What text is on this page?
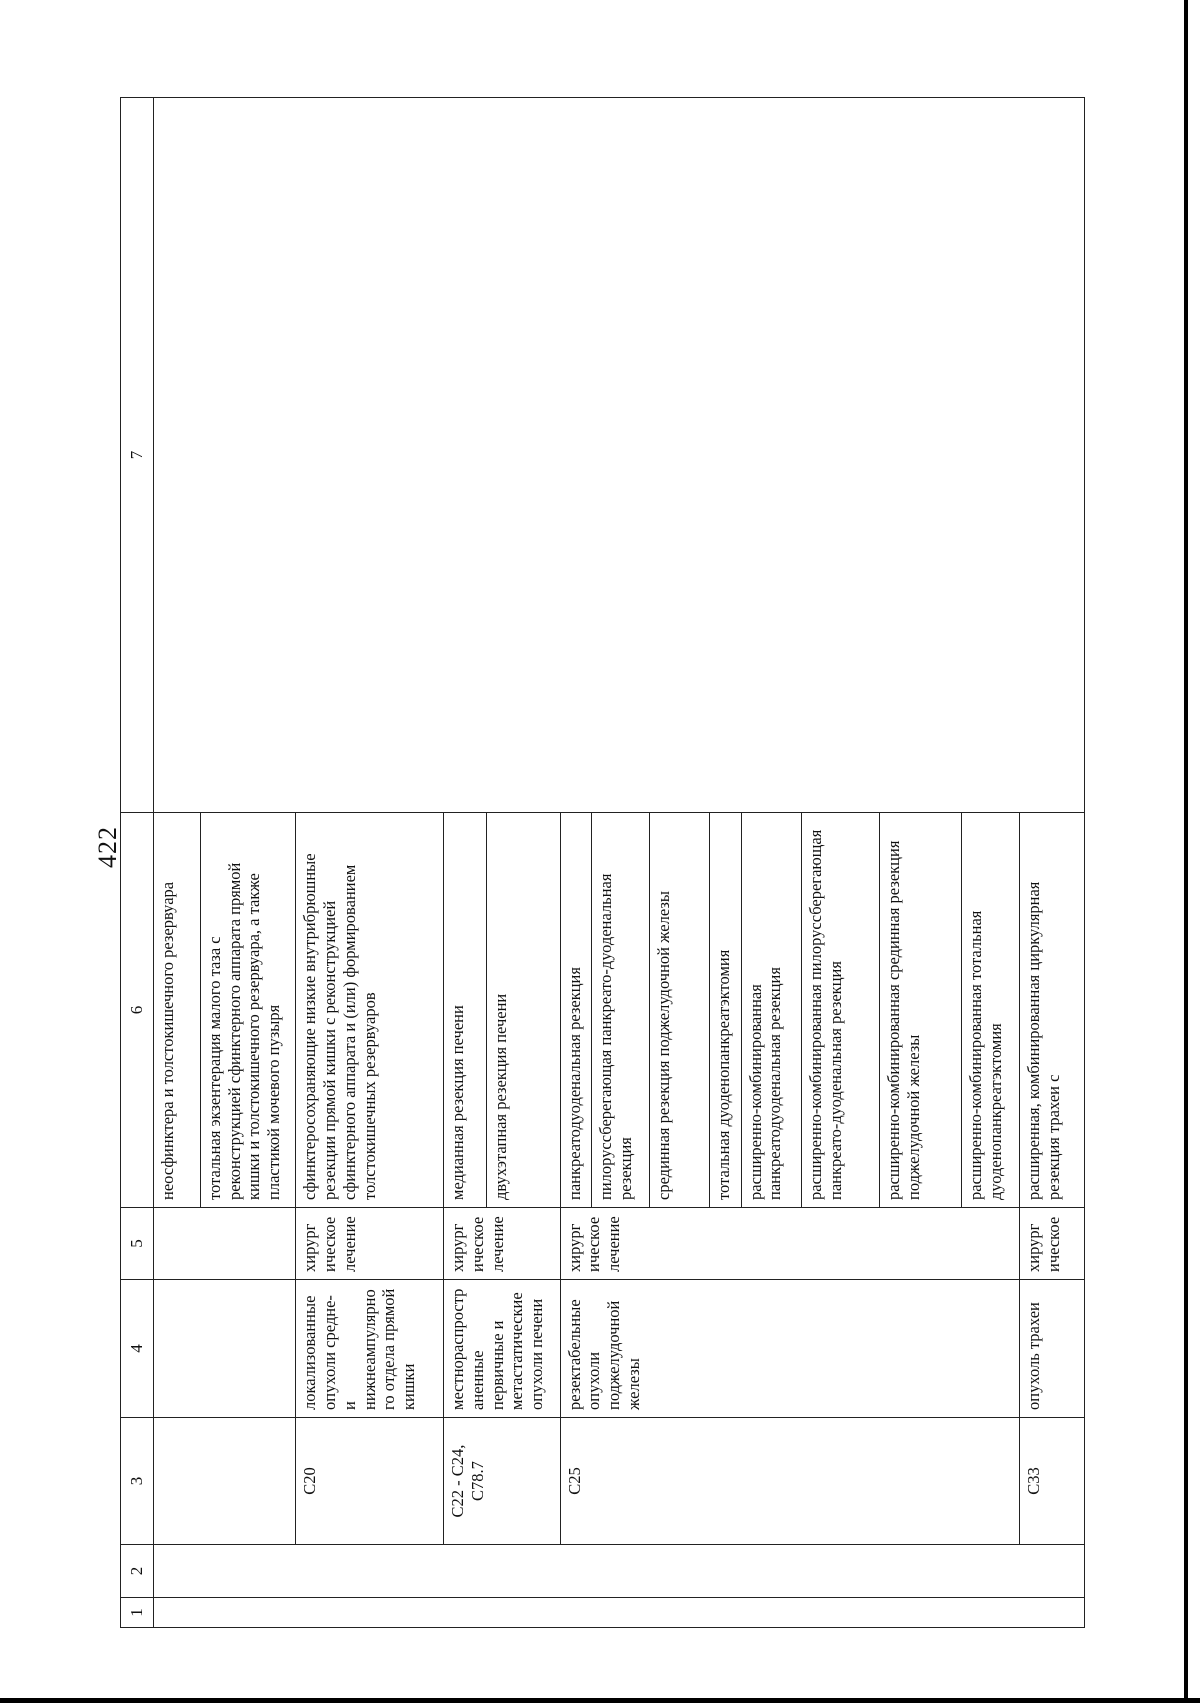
422
1	2	3	4	5	6	7
					неосфинктера и толстокишечного резервуара	
					тотальная экзентерация малого таза с реконструкцией сфинктерного аппарата прямой кишки и толстокишечного резервуара, а также пластикой мочевого пузыря	
		C20	локализованные опухоли средне- и нижнеампулярного отдела прямой кишки	хирургическое лечение	сфинктеросохраняющие низкие внутрибрюшные резекции прямой кишки с реконструкцией сфинктерного аппарата и (или) формированием толстокишечных резервуаров	
		C22 - C24, C78.7	местнораспространенные первичные и метастатические опухоли печени	хирургическое лечение	медианная резекция печени	
					двухэтапная резекция печени	
		C25	резектабельные опухоли поджелудочной железы	хирургическое лечение	панкреатодуоденальная резекция	
					пилоруссберегающая панкреато-дуоденальная резекция	
					срединная резекция поджелудочной железы	
					тотальная дуоденопанкреатэктомия	
					расширенно-комбинированная панкреатодуоденальная резекция	
					расширенно-комбинированная пилоруссберегающая панкреато-дуоденальная резекция	
					расширенно-комбинированная срединная резекция поджелудочной железы	
					расширенно-комбинированная тотальная дуоденопанкреатэктомия	
		C33	опухоль трахеи	хирургическое	расширенная, комбинированная циркулярная резекция трахеи с	
